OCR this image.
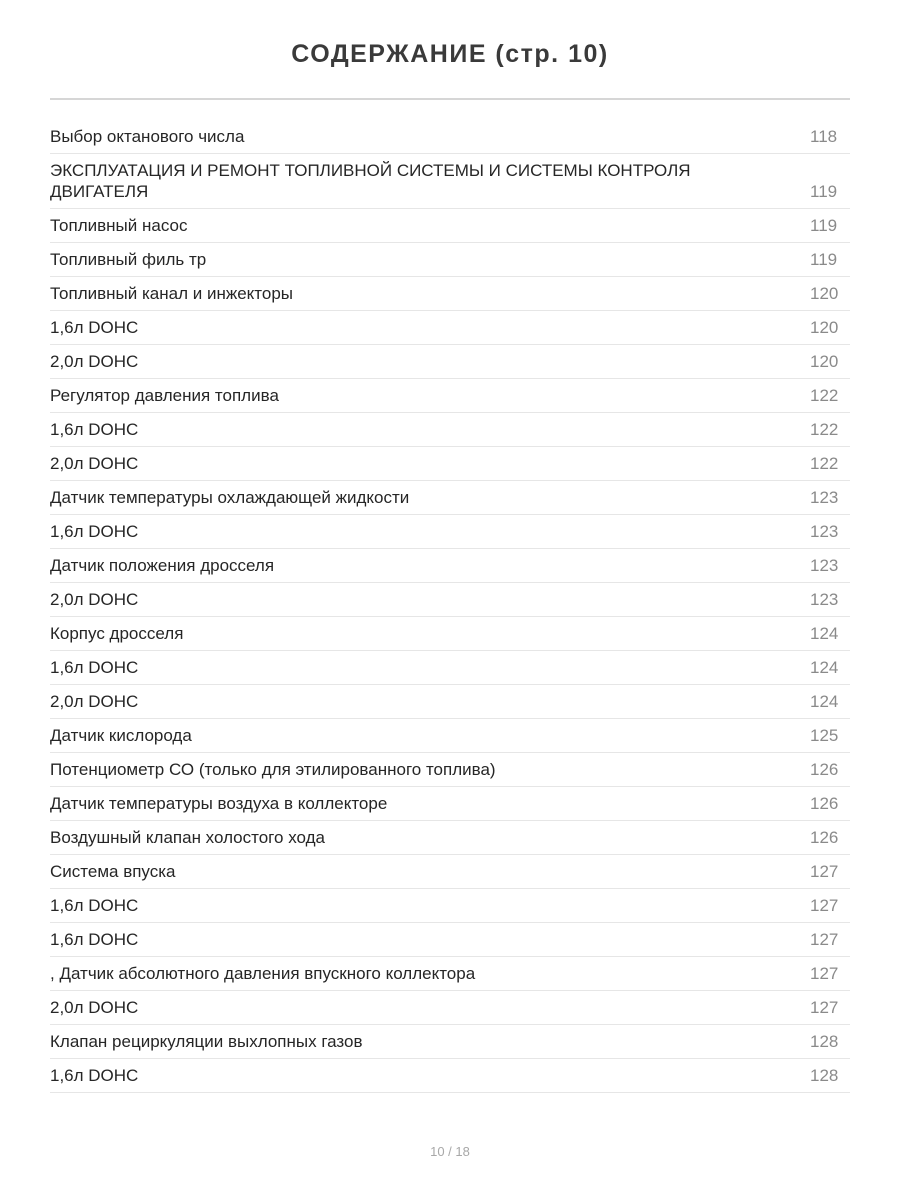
СОДЕРЖАНИЕ (стр. 10)
Выбор октанового числа	118
ЭКСПЛУАТАЦИЯ И РЕМОНТ ТОПЛИВНОЙ СИСТЕМЫ И СИСТЕМЫ КОНТРОЛЯ ДВИГАТЕЛЯ	119
Топливный насос	119
Топливный филь тр	119
Топливный канал и инжекторы	120
1,6л DOHC	120
2,0л DOHC	120
Регулятор давления топлива	122
1,6л DOHC	122
2,0л DOHC	122
Датчик температуры охлаждающей жидкости	123
1,6л DOHC	123
Датчик положения дросселя	123
2,0л DOHC	123
Корпус дросселя	124
1,6л DOHC	124
2,0л DOHC	124
Датчик кислорода	125
Потенциометр СО (только для этилированного топлива)	126
Датчик температуры воздуха в коллекторе	126
Воздушный клапан холостого хода	126
Система впуска	127
1,6л DOHC	127
1,6л DOHC	127
, Датчик абсолютного давления впускного коллектора	127
2,0л DOHC	127
Клапан рециркуляции выхлопных газов	128
1,6л DOHC	128
10 / 18
